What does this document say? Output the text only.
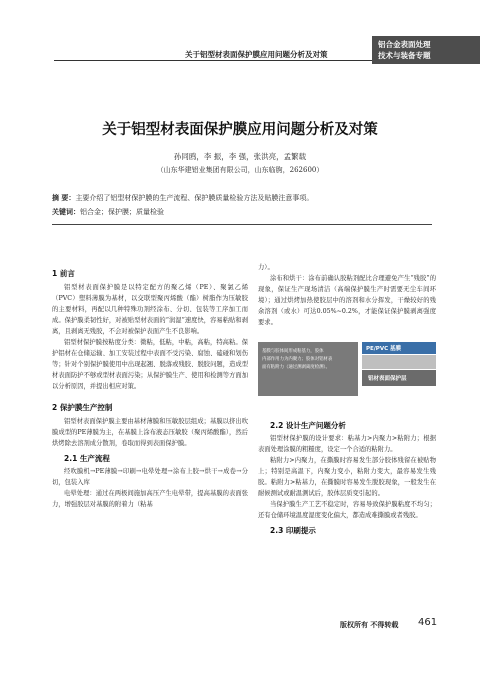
关于铝型材表面保护膜应用问题分析及对策
铝合金表面处理
技术与装备专题
关于铝型材表面保护膜应用问题分析及对策
孙同鸥，李 振，李 强，张洪亮，孟繁载
（山东华建铝业集团有限公司，山东临朐，262600）
摘 要：主要介绍了铝型材保护膜的生产流程、保护膜质量检验方法及贴膜注意事项。
关键词：铝合金；保护膜；质量检验
1 前言
铝型材表面保护膜是以特定配方的聚乙烯（PE）、聚氯乙烯（PVC）塑料薄膜为基材，以交联型聚丙烯酸（酯）树脂作为压敏胶的主要材料，再配以几种特殊功剂经涂布、分切、包装等工序加工而成。保护膜柔韧性好，对被贴型材表面的“润湿”速度快，容易粘贴和剥离，且剥离无残胶，不会对被保护表面产生不良影响。
铝型材保护膜按粘度分类：微粘，低粘，中粘，高粘，特高粘。保护铝材在仓储运输、加工安装过程中表面不受污染、腐蚀、磕碰和划伤等；针对个别保护膜使用中出现起翘、脱落或残胶、脱胶问题，造成型材表面防护不够或型材表面污染；从保护膜生产、使用和检测等方面加以分析原因，并提出相应对策。
2 保护膜生产控制
铝型材表面保护膜主要由基材薄膜和压敏胶层组成；基膜以挤出吹膜成型的PE薄膜为主，在基膜上涂布液态压敏胶（聚丙烯酸酯），然后烘烤除去溶剂成分散剂，卷取而得到表面保护膜。
2.1 生产流程
经吹膜机→PE薄膜→印刷→电晕处理→涂布上胶→烘干→成卷→分切，包装入库
电晕处理：通过在两极间施加高压产生电晕带，提高基膜的表面张力，增强胶层对基膜的附着力（粘基
力）。
涂布和烘干：涂布前确认胶粘剂配比合理避免产生“残胶”的现象，保证生产现场清洁（高端保护膜生产时需要无尘车间环境）；通过烘烤加热使胶层中的溶剂和水分挥发，干燥较好的残余溶剂（或水）可达0.05%~0.2%，才能保证保护膜剥离强度要求。
基膜与胶体间形成粘基力，胶体
内部作用力为内聚力；胶体对铝材表
面有粘附力（通过测剥离度检测）。
PE/PVC 基膜
铝材表面保护层
2.2 设计生产问题分析
铝型材保护膜的设计要求：粘基力>内聚力>粘附力；根据表面处理涂膜的粗糙度，设定一个合适的粘附力。
粘附力>内聚力，在撕膜时容易发生部分胶体残留在被贴物上；特别是高温下，内聚力变小，粘附力变大，最容易发生残胶。粘附力>粘基力，在撕膜时容易发生脱胶现象，一般发生在耐候测试或耐温测试后，胶体层质变引起的。
当保护膜生产工艺不稳定时，容易导致保护膜粘度不均匀；还有仓储环境温度湿度变化偏大，都造成难撕膜或者残胶。
2.3 印刷提示
版权所有 不得转载 461
